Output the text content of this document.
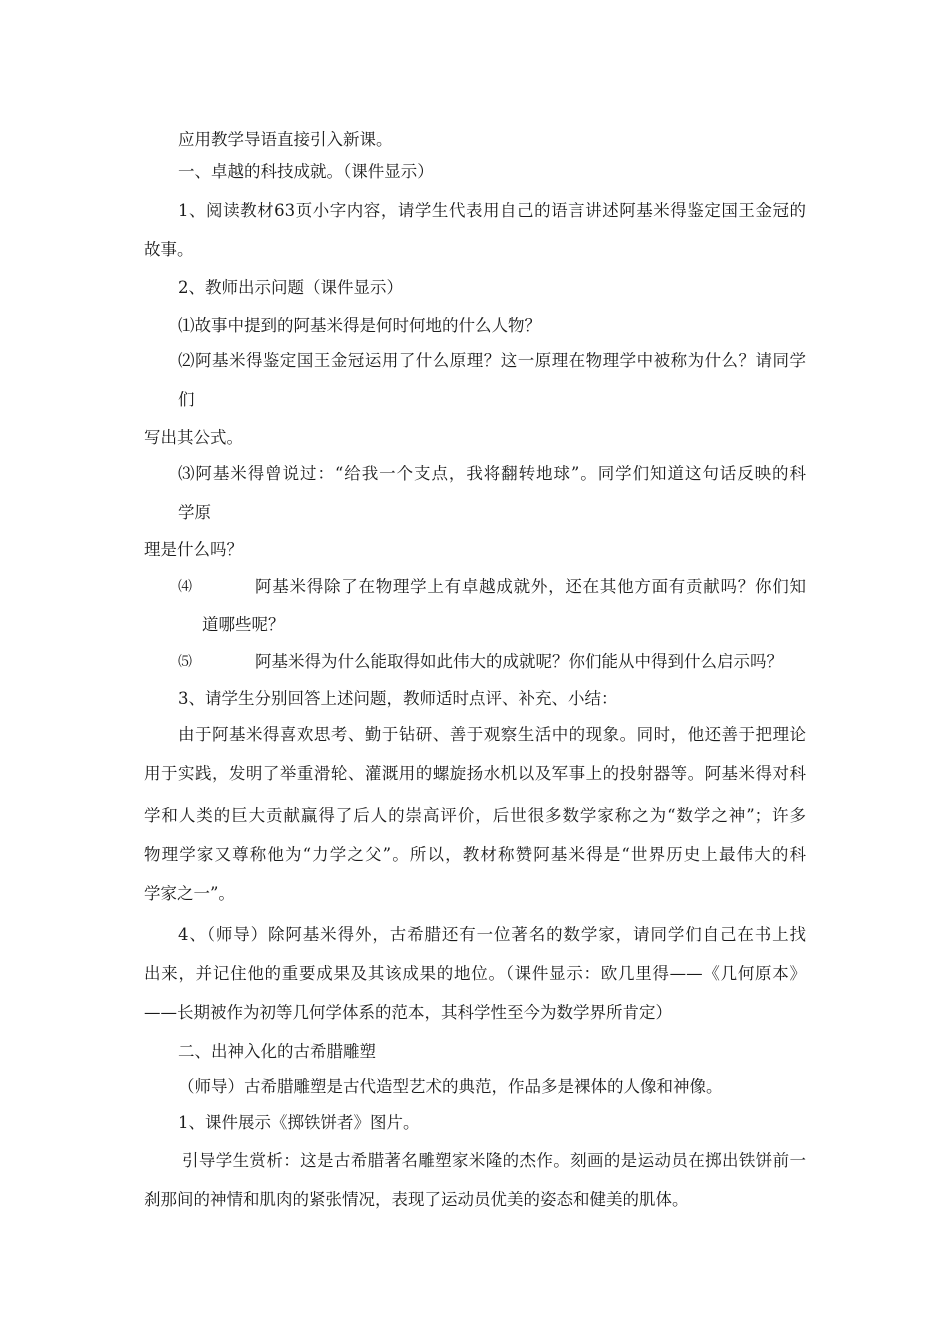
应用教学导语直接引入新课。
一、卓越的科技成就。（课件显示）
1、阅读教材63页小字内容，请学生代表用自己的语言讲述阿基米得鉴定国王金冠的
故事。
2、教师出示问题（课件显示）
⑴故事中提到的阿基米得是何时何地的什么人物？
⑵阿基米得鉴定国王金冠运用了什么原理？这一原理在物理学中被称为什么？请同学
们
写出其公式。
⑶阿基米得曾说过：“给我一个支点，我将翻转地球”。同学们知道这句话反映的科
学原
理是什么吗？
⑷	阿基米得除了在物理学上有卓越成就外，还在其他方面有贡献吗？你们知
道哪些呢？
⑸	阿基米得为什么能取得如此伟大的成就呢？你们能从中得到什么启示吗？
3、请学生分别回答上述问题，教师适时点评、补充、小结：
由于阿基米得喜欢思考、勤于钻研、善于观察生活中的现象。同时，他还善于把理论
用于实践，发明了举重滑轮、灌溉用的螺旋扬水机以及军事上的投射器等。阿基米得对科
学和人类的巨大贡献赢得了后人的崇高评价，后世很多数学家称之为“数学之神”；许多
物理学家又尊称他为“力学之父”。所以，教材称赞阿基米得是“世界历史上最伟大的科
学家之一”。
4、（师导）除阿基米得外，古希腊还有一位著名的数学家，请同学们自己在书上找
出来，并记住他的重要成果及其该成果的地位。（课件显示：欧几里得——《几何原本》
——长期被作为初等几何学体系的范本，其科学性至今为数学界所肯定）
二、出神入化的古希腊雕塑
（师导）古希腊雕塑是古代造型艺术的典范，作品多是裸体的人像和神像。
1、课件展示《掷铁饼者》图片。
引导学生赏析：这是古希腊著名雕塑家米隆的杰作。刻画的是运动员在掷出铁饼前一
刹那间的神情和肌肉的紧张情况，表现了运动员优美的姿态和健美的肌体。
